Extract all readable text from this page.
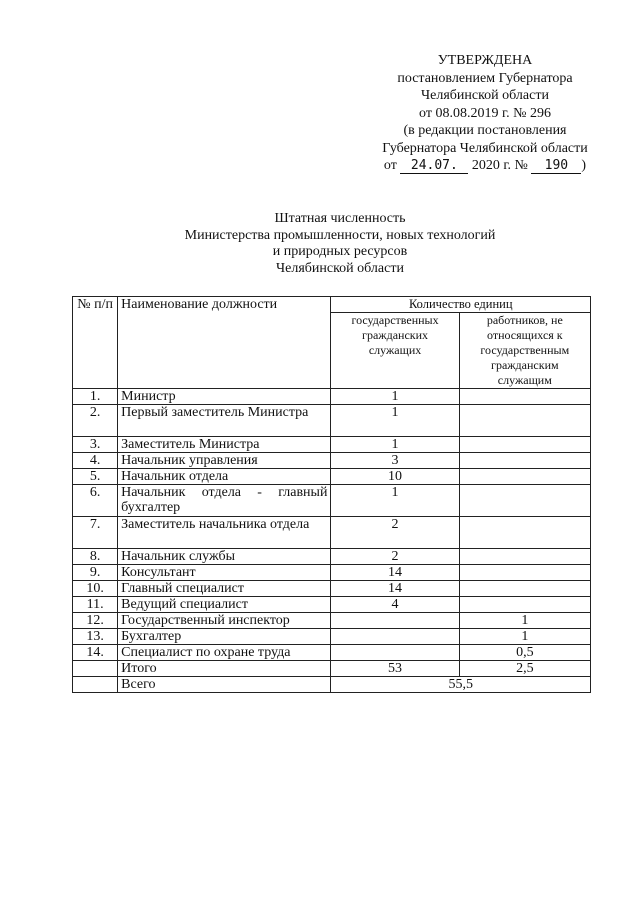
УТВЕРЖДЕНА
постановлением Губернатора
Челябинской области
от 08.08.2019 г. № 296
(в редакции постановления
Губернатора Челябинской области
от 24.07. 2020 г. № 190 )
Штатная численность
Министерства промышленности, новых технологий
и природных ресурсов
Челябинской области
№ п/п	Наименование должности	Количество единиц	
		государственных гражданских служащих	работников, не относящихся к государственным гражданским служащим
1.	Министр	1	
2.	Первый заместитель Министра	1	
3.	Заместитель Министра	1	
4.	Начальник управления	3	
5.	Начальник отдела	10	
6.	Начальник отдела - главный бухгалтер	1	
7.	Заместитель начальника отдела	2	
8.	Начальник службы	2	
9.	Консультант	14	
10.	Главный специалист	14	
11.	Ведущий специалист	4	
12.	Государственный инспектор		1
13.	Бухгалтер		1
14.	Специалист по охране труда		0,5
	Итого	53	2,5
	Всего	55,5	
